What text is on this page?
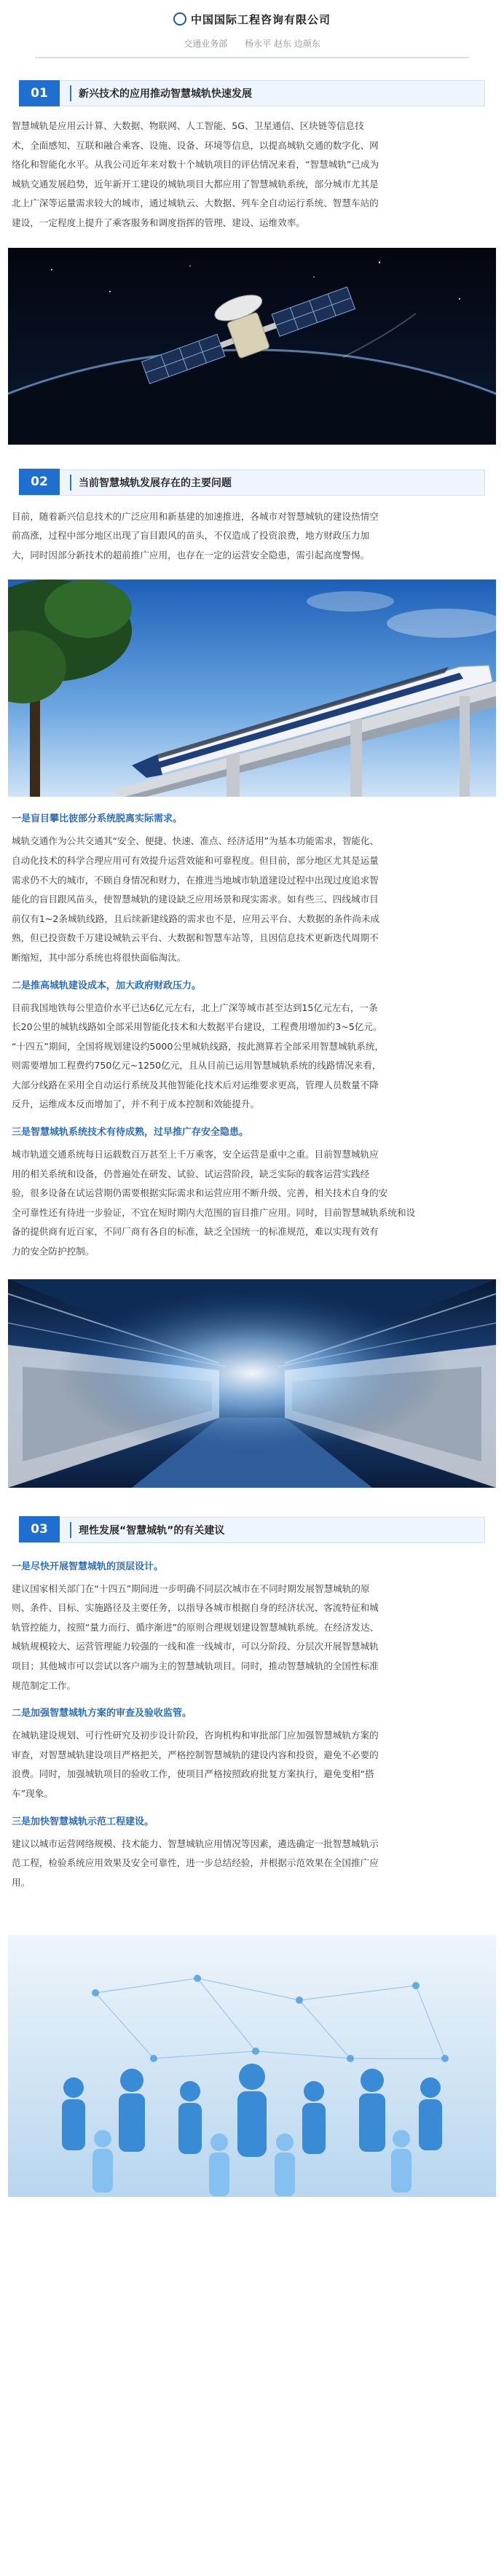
中国国际工程咨询有限公司
交通业务部 杨永平 赵东 边颜东
01	新兴技术的应用推动智慧城轨快速发展
智慧城轨是应用云计算、大数据、物联网、人工智能、5G、卫星通信、区块链等信息技
术，全面感知、互联和融合乘客、设施、设备、环境等信息，以提高城轨交通的数字化、网
络化和智能化水平。从我公司近年来对数十个城轨项目的评估情况来看，“智慧城轨”已成为
城轨交通发展趋势，近年新开工建设的城轨项目大都应用了智慧城轨系统，部分城市尤其是
北上广深等运量需求较大的城市，通过城轨云、大数据、列车全自动运行系统、智慧车站的
建设，一定程度上提升了乘客服务和调度指挥的管理、建设、运维效率。
02	当前智慧城轨发展存在的主要问题
目前，随着新兴信息技术的广泛应用和新基建的加速推进，各城市对智慧城轨的建设热情空
前高涨，过程中部分地区出现了盲目跟风的苗头，不仅造成了投资浪费，地方财政压力加
大，同时因部分新技术的超前推广应用，也存在一定的运营安全隐患，需引起高度警惕。
一是盲目攀比彼部分系统脱离实际需求。
城轨交通作为公共交通其“安全、便捷、快速、准点、经济适用”为基本功能需求，智能化、
自动化技术的科学合理应用可有效提升运营效能和可靠程度。但目前，部分地区尤其是运量
需求仍不大的城市，不顾自身情况和财力，在推进当地城市轨道建设过程中出现过度追求智
能化的盲目跟风苗头，使智慧城轨的建设缺乏应用场景和现实需求。如有些三、四线城市目
前仅有1~2条城轨线路，且后续新建线路的需求也不是，应用云平台、大数据的条件尚未成
熟，但已投资数千万建设城轨云平台、大数据和智慧车站等，且因信息技术更新迭代周期不
断缩短，其中部分系统也将很快面临淘汰。
二是推高城轨建设成本，加大政府财政压力。
目前我国地铁每公里造价水平已达6亿元左右，北上广深等城市甚至达到15亿元左右，一条
长20公里的城轨线路如全部采用智能化技术和大数据平台建设，工程费用增加约3~5亿元。
“十四五”期间，全国将规划建设约5000公里城轨线路，按此测算若全部采用智慧城轨系统，
则需要增加工程费约750亿元~1250亿元，且从目前已运用智慧城轨系统的线路情况来看，
大部分线路在采用全自动运行系统及其他智能化技术后对运维要求更高，管理人员数量不降
反升，运维成本反而增加了，并不利于成本控制和效能提升。
三是智慧城轨系统技术有待成熟，过早推广存安全隐患。
城市轨道交通系统每日运载数百万甚至上千万乘客，安全运营是重中之重。目前智慧城轨应
用的相关系统和设备，仍普遍处在研发、试验、试运营阶段，缺乏实际的载客运营实践经
验，很多设备在试运营期仍需要根据实际需求和运营应用不断升级、完善，相关技术自身的安
全可靠性还有待进一步验证，不宜在短时期内大范围的盲目推广应用。同时，目前智慧城轨系统和设
备的提供商有近百家，不同厂商有各自的标准，缺乏全国统一的标准规范，难以实现有效有
力的安全防护控制。
03	理性发展“智慧城轨”的有关建议
一是尽快开展智慧城轨的顶层设计。
建议国家相关部门在“十四五”期间进一步明确不同层次城市在不同时期发展智慧城轨的原
则、条件、目标、实施路径及主要任务，以指导各城市根据自身的经济状况、客流特征和城
轨管控能力，按照“量力而行、循序渐进”的原则合理规划建设智慧城轨系统。在经济发达、
城轨规模较大、运营管理能力较强的一线和准一线城市，可以分阶段、分层次开展智慧城轨
项目；其他城市可以尝试以客户端为主的智慧城轨项目。同时，推动智慧城轨的全国性标准
规范制定工作。
二是加强智慧城轨方案的审查及验收监管。
在城轨建设规划、可行性研究及初步设计阶段，咨询机构和审批部门应加强智慧城轨方案的
审查，对智慧城轨建设项目严格把关，严格控制智慧城轨的建设内容和投资，避免不必要的
浪费。同时，加强城轨项目的验收工作，使项目严格按照政府批复方案执行，避免变相“搭
车”现象。
三是加快智慧城轨示范工程建设。
建议以城市运营网络规模、技术能力、智慧城轨应用情况等因素，遴选确定一批智慧城轨示
范工程，检验系统应用效果及安全可靠性，进一步总结经验，并根据示范效果在全国推广应
用。
